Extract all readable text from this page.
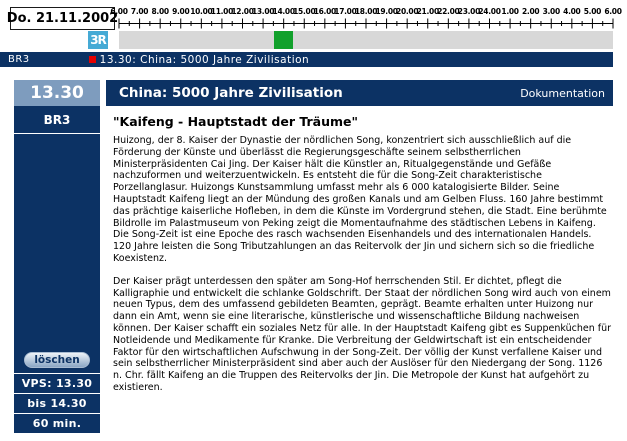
Do. 21.11.2002
6.00 7.00 8.00 9.00 10.00
11.00
12.00
13.00
14.00
15.00
16.00
17.00
18.00
19.00
20.00
21.00
22.00
23.00
24.00 1.00 2.00 3.00 4.00 5.00 6.00
3R
BR3	13.30: China: 5000 Jahre Zivilisation
13.30
BR3
löschen
VPS: 13.30
bis 14.30
60 min.
China: 5000 Jahre Zivilisation	Dokumentation
"Kaifeng - Hauptstadt der Träume"

Huizong, der 8. Kaiser der Dynastie der nördlichen Song, konzentriert sich ausschließlich auf die Förderung der Künste und überlässt die Regierungsgeschäfte seinem selbstherrlichen Ministerpräsidenten Cai Jing. Der Kaiser hält die Künstler an, Ritualgegenstände und Gefäße nachzuformen und weiterzuentwickeln. Es entsteht die für die Song-Zeit charakteristische Porzellanglasur. Huizongs Kunstsammlung umfasst mehr als 6 000 katalogisierte Bilder. Seine Hauptstadt Kaifeng liegt an der Mündung des großen Kanals und am Gelben Fluss. 160 Jahre bestimmt das prächtige kaiserliche Hofleben, in dem die Künste im Vordergrund stehen, die Stadt. Eine berühmte Bildrolle im Palastmuseum von Peking zeigt die Momentaufnahme des städtischen Lebens in Kaifeng. Die Song-Zeit ist eine Epoche des rasch wachsenden Eisenhandels und des internationalen Handels. 120 Jahre leisten die Song Tributzahlungen an das Reitervolk der Jin und sichern sich so die friedliche Koexistenz.

Der Kaiser prägt unterdessen den später am Song-Hof herrschenden Stil. Er dichtet, pflegt die Kalligraphie und entwickelt die schlanke Goldschrift. Der Staat der nördlichen Song wird auch von einem neuen Typus, dem des umfassend gebildeten Beamten, geprägt. Beamte erhalten unter Huizong nur dann ein Amt, wenn sie eine literarische, künstlerische und wissenschaftliche Bildung nachweisen können. Der Kaiser schafft ein soziales Netz für alle. In der Hauptstadt Kaifeng gibt es Suppenküchen für Notleidende und Medikamente für Kranke. Die Verbreitung der Geldwirtschaft ist ein entscheidender Faktor für den wirtschaftlichen Aufschwung in der Song-Zeit. Der völlig der Kunst verfallene Kaiser und sein selbstherrlicher Ministerpräsident sind aber auch der Auslöser für den Niedergang der Song. 1126 n. Chr. fällt Kaifeng an die Truppen des Reitervolks der Jin. Die Metropole der Kunst hat aufgehört zu existieren.
